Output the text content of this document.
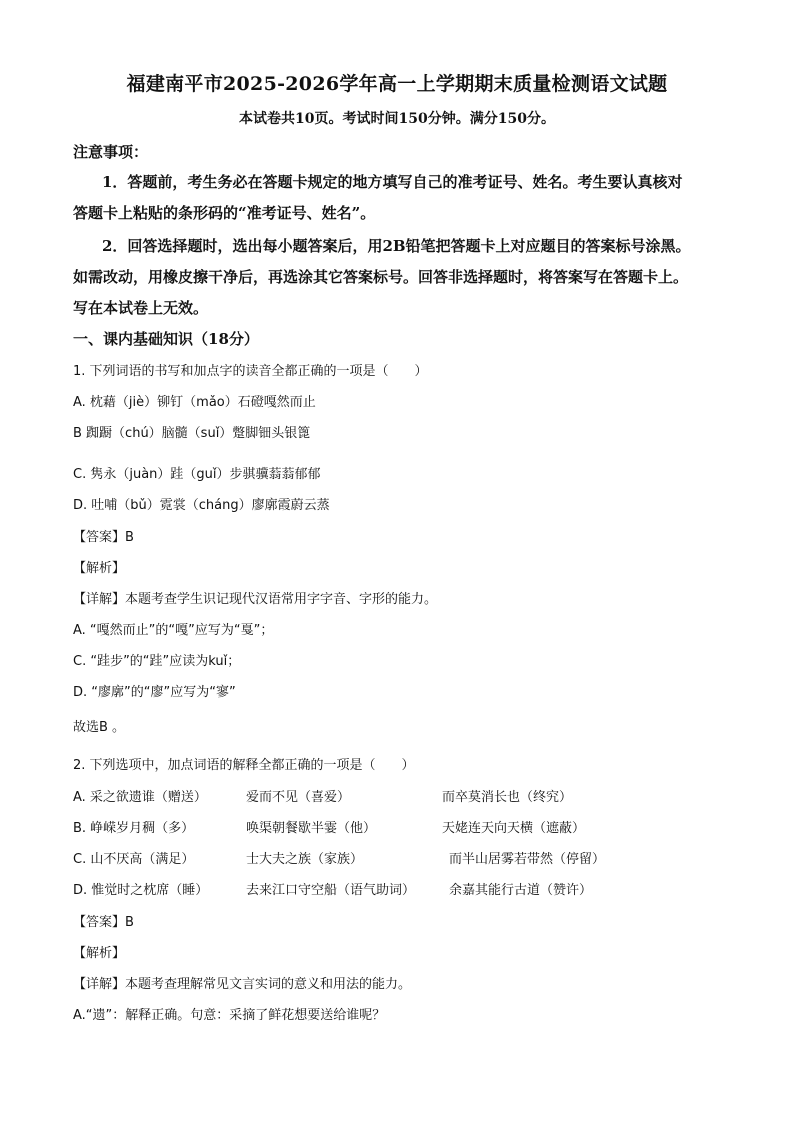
福建南平市2025-2026学年高一上学期期末质量检测语文试题
本试卷共10页。考试时间150分钟。满分150分。
注意事项：
1．答题前，考生务必在答题卡规定的地方填写自己的准考证号、姓名。考生要认真核对
答题卡上粘贴的条形码的“准考证号、姓名”。
2．回答选择题时，选出每小题答案后，用2B铅笔把答题卡上对应题目的答案标号涂黑。
如需改动，用橡皮擦干净后，再选涂其它答案标号。回答非选择题时，将答案写在答题卡上。
写在本试卷上无效。
一、课内基础知识（18分）
1. 下列词语的书写和加点字的读音全都正确的一项是（　　）
A. 枕藉（jiè）铆钉（mǎo）石磴嘎然而止
B 踟蹰（chú）脑髓（suǐ）蹩脚钿头银篦
C. 隽永（juàn）跬（guǐ）步骐骥蓊蓊郁郁
D. 吐哺（bǔ）霓裳（cháng）廖廓霞蔚云蒸
【答案】B
【解析】
【详解】本题考查学生识记现代汉语常用字字音、字形的能力。
A. “嘎然而止”的“嘎”应写为“戛”；
C. “跬步”的“跬”应读为kuǐ；
D. “廖廓”的“廖”应写为“寥”
故选B 。
2. 下列选项中，加点词语的解释全都正确的一项是（　　）
A. 采之欲遗谁（赠送）	爱而不见（喜爱）	而卒莫消长也（终究）
B. 峥嵘岁月稠（多）	唤渠朝餐歇半霎（他）	天姥连天向天横（遮蔽）
C. 山不厌高（满足）	士大夫之族（家族）	而半山居雾若带然（停留）
D. 惟觉时之枕席（睡）	去来江口守空船（语气助词）	余嘉其能行古道（赞许）
【答案】B
【解析】
【详解】本题考查理解常见文言实词的意义和用法的能力。
A.“遗”：解释正确。句意：采摘了鲜花想要送给谁呢？
